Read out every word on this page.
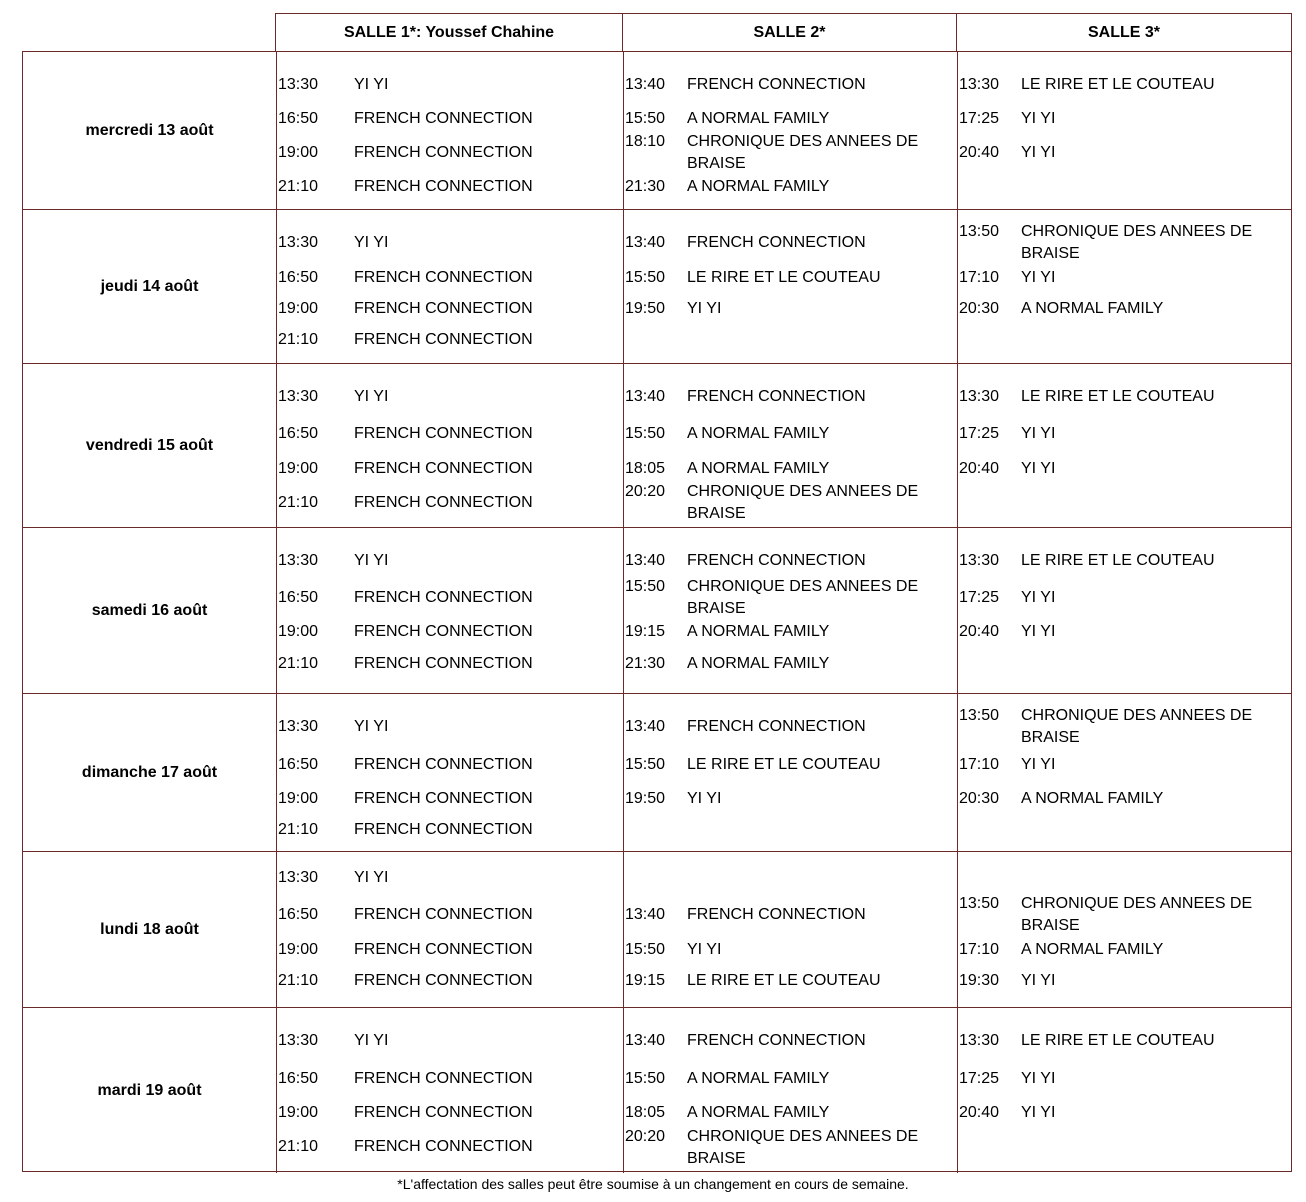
SALLE 1*: Youssef Chahine	SALLE 2*	SALLE 3*
mercredi 13 août
13:30 YI YI
16:50 FRENCH CONNECTION
19:00 FRENCH CONNECTION
21:10 FRENCH CONNECTION
13:40 FRENCH CONNECTION
15:50 A NORMAL FAMILY
18:10 CHRONIQUE DES ANNEES DE BRAISE
21:30 A NORMAL FAMILY
13:30 LE RIRE ET LE COUTEAU
17:25 YI YI
20:40 YI YI
jeudi 14 août
13:30 YI YI
16:50 FRENCH CONNECTION
19:00 FRENCH CONNECTION
21:10 FRENCH CONNECTION
13:40 FRENCH CONNECTION
15:50 LE RIRE ET LE COUTEAU
19:50 YI YI
13:50 CHRONIQUE DES ANNEES DE BRAISE
17:10 YI YI
20:30 A NORMAL FAMILY
vendredi 15 août
13:30 YI YI
16:50 FRENCH CONNECTION
19:00 FRENCH CONNECTION
21:10 FRENCH CONNECTION
13:40 FRENCH CONNECTION
15:50 A NORMAL FAMILY
18:05 A NORMAL FAMILY
20:20 CHRONIQUE DES ANNEES DE BRAISE
13:30 LE RIRE ET LE COUTEAU
17:25 YI YI
20:40 YI YI
samedi 16 août
13:30 YI YI
16:50 FRENCH CONNECTION
19:00 FRENCH CONNECTION
21:10 FRENCH CONNECTION
13:40 FRENCH CONNECTION
15:50 CHRONIQUE DES ANNEES DE BRAISE
19:15 A NORMAL FAMILY
21:30 A NORMAL FAMILY
13:30 LE RIRE ET LE COUTEAU
17:25 YI YI
20:40 YI YI
dimanche 17 août
13:30 YI YI
16:50 FRENCH CONNECTION
19:00 FRENCH CONNECTION
21:10 FRENCH CONNECTION
13:40 FRENCH CONNECTION
15:50 LE RIRE ET LE COUTEAU
19:50 YI YI
13:50 CHRONIQUE DES ANNEES DE BRAISE
17:10 YI YI
20:30 A NORMAL FAMILY
lundi 18 août
13:30 YI YI
16:50 FRENCH CONNECTION
19:00 FRENCH CONNECTION
21:10 FRENCH CONNECTION
13:40 FRENCH CONNECTION
15:50 YI YI
19:15 LE RIRE ET LE COUTEAU
13:50 CHRONIQUE DES ANNEES DE BRAISE
17:10 A NORMAL FAMILY
19:30 YI YI
mardi 19 août
13:30 YI YI
16:50 FRENCH CONNECTION
19:00 FRENCH CONNECTION
21:10 FRENCH CONNECTION
13:40 FRENCH CONNECTION
15:50 A NORMAL FAMILY
18:05 A NORMAL FAMILY
20:20 CHRONIQUE DES ANNEES DE BRAISE
13:30 LE RIRE ET LE COUTEAU
17:25 YI YI
20:40 YI YI
*L'affectation des salles peut être soumise à un changement en cours de semaine.
